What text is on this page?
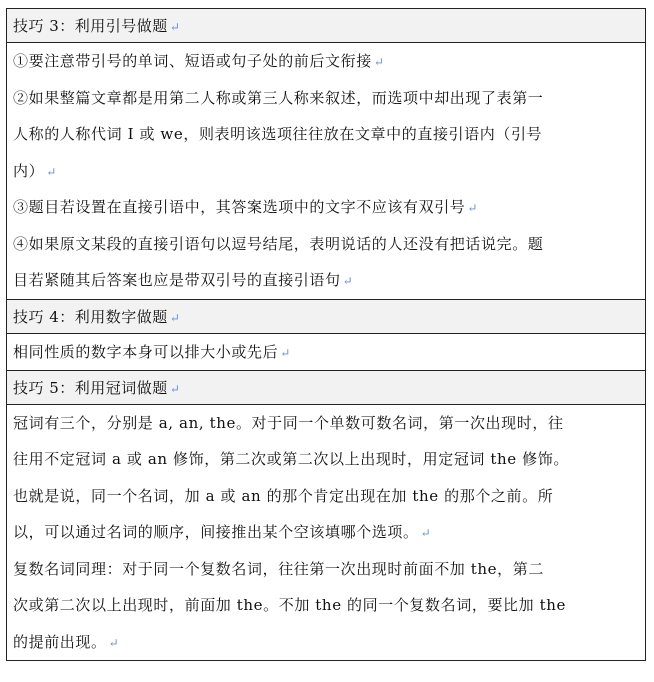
技巧 3：利用引号做题 ↵
①要注意带引号的单词、短语或句子处的前后文衔接 ↵
②如果整篇文章都是用第二人称或第三人称来叙述，而选项中却出现了表第一
人称的人称代词 I 或 we，则表明该选项往往放在文章中的直接引语内（引号
内） ↵
③题目若设置在直接引语中，其答案选项中的文字不应该有双引号 ↵
④如果原文某段的直接引语句以逗号结尾，表明说话的人还没有把话说完。题
目若紧随其后答案也应是带双引号的直接引语句 ↵
技巧 4：利用数字做题 ↵
相同性质的数字本身可以排大小或先后 ↵
技巧 5：利用冠词做题 ↵
冠词有三个，分别是 a, an, the。对于同一个单数可数名词，第一次出现时，往
往用不定冠词 a 或 an 修饰，第二次或第二次以上出现时，用定冠词 the 修饰。
也就是说，同一个名词，加 a 或 an 的那个肯定出现在加 the 的那个之前。所
以，可以通过名词的顺序，间接推出某个空该填哪个选项。 ↵
复数名词同理：对于同一个复数名词，往往第一次出现时前面不加 the，第二
次或第二次以上出现时，前面加 the。不加 the 的同一个复数名词，要比加 the
的提前出现。 ↵
